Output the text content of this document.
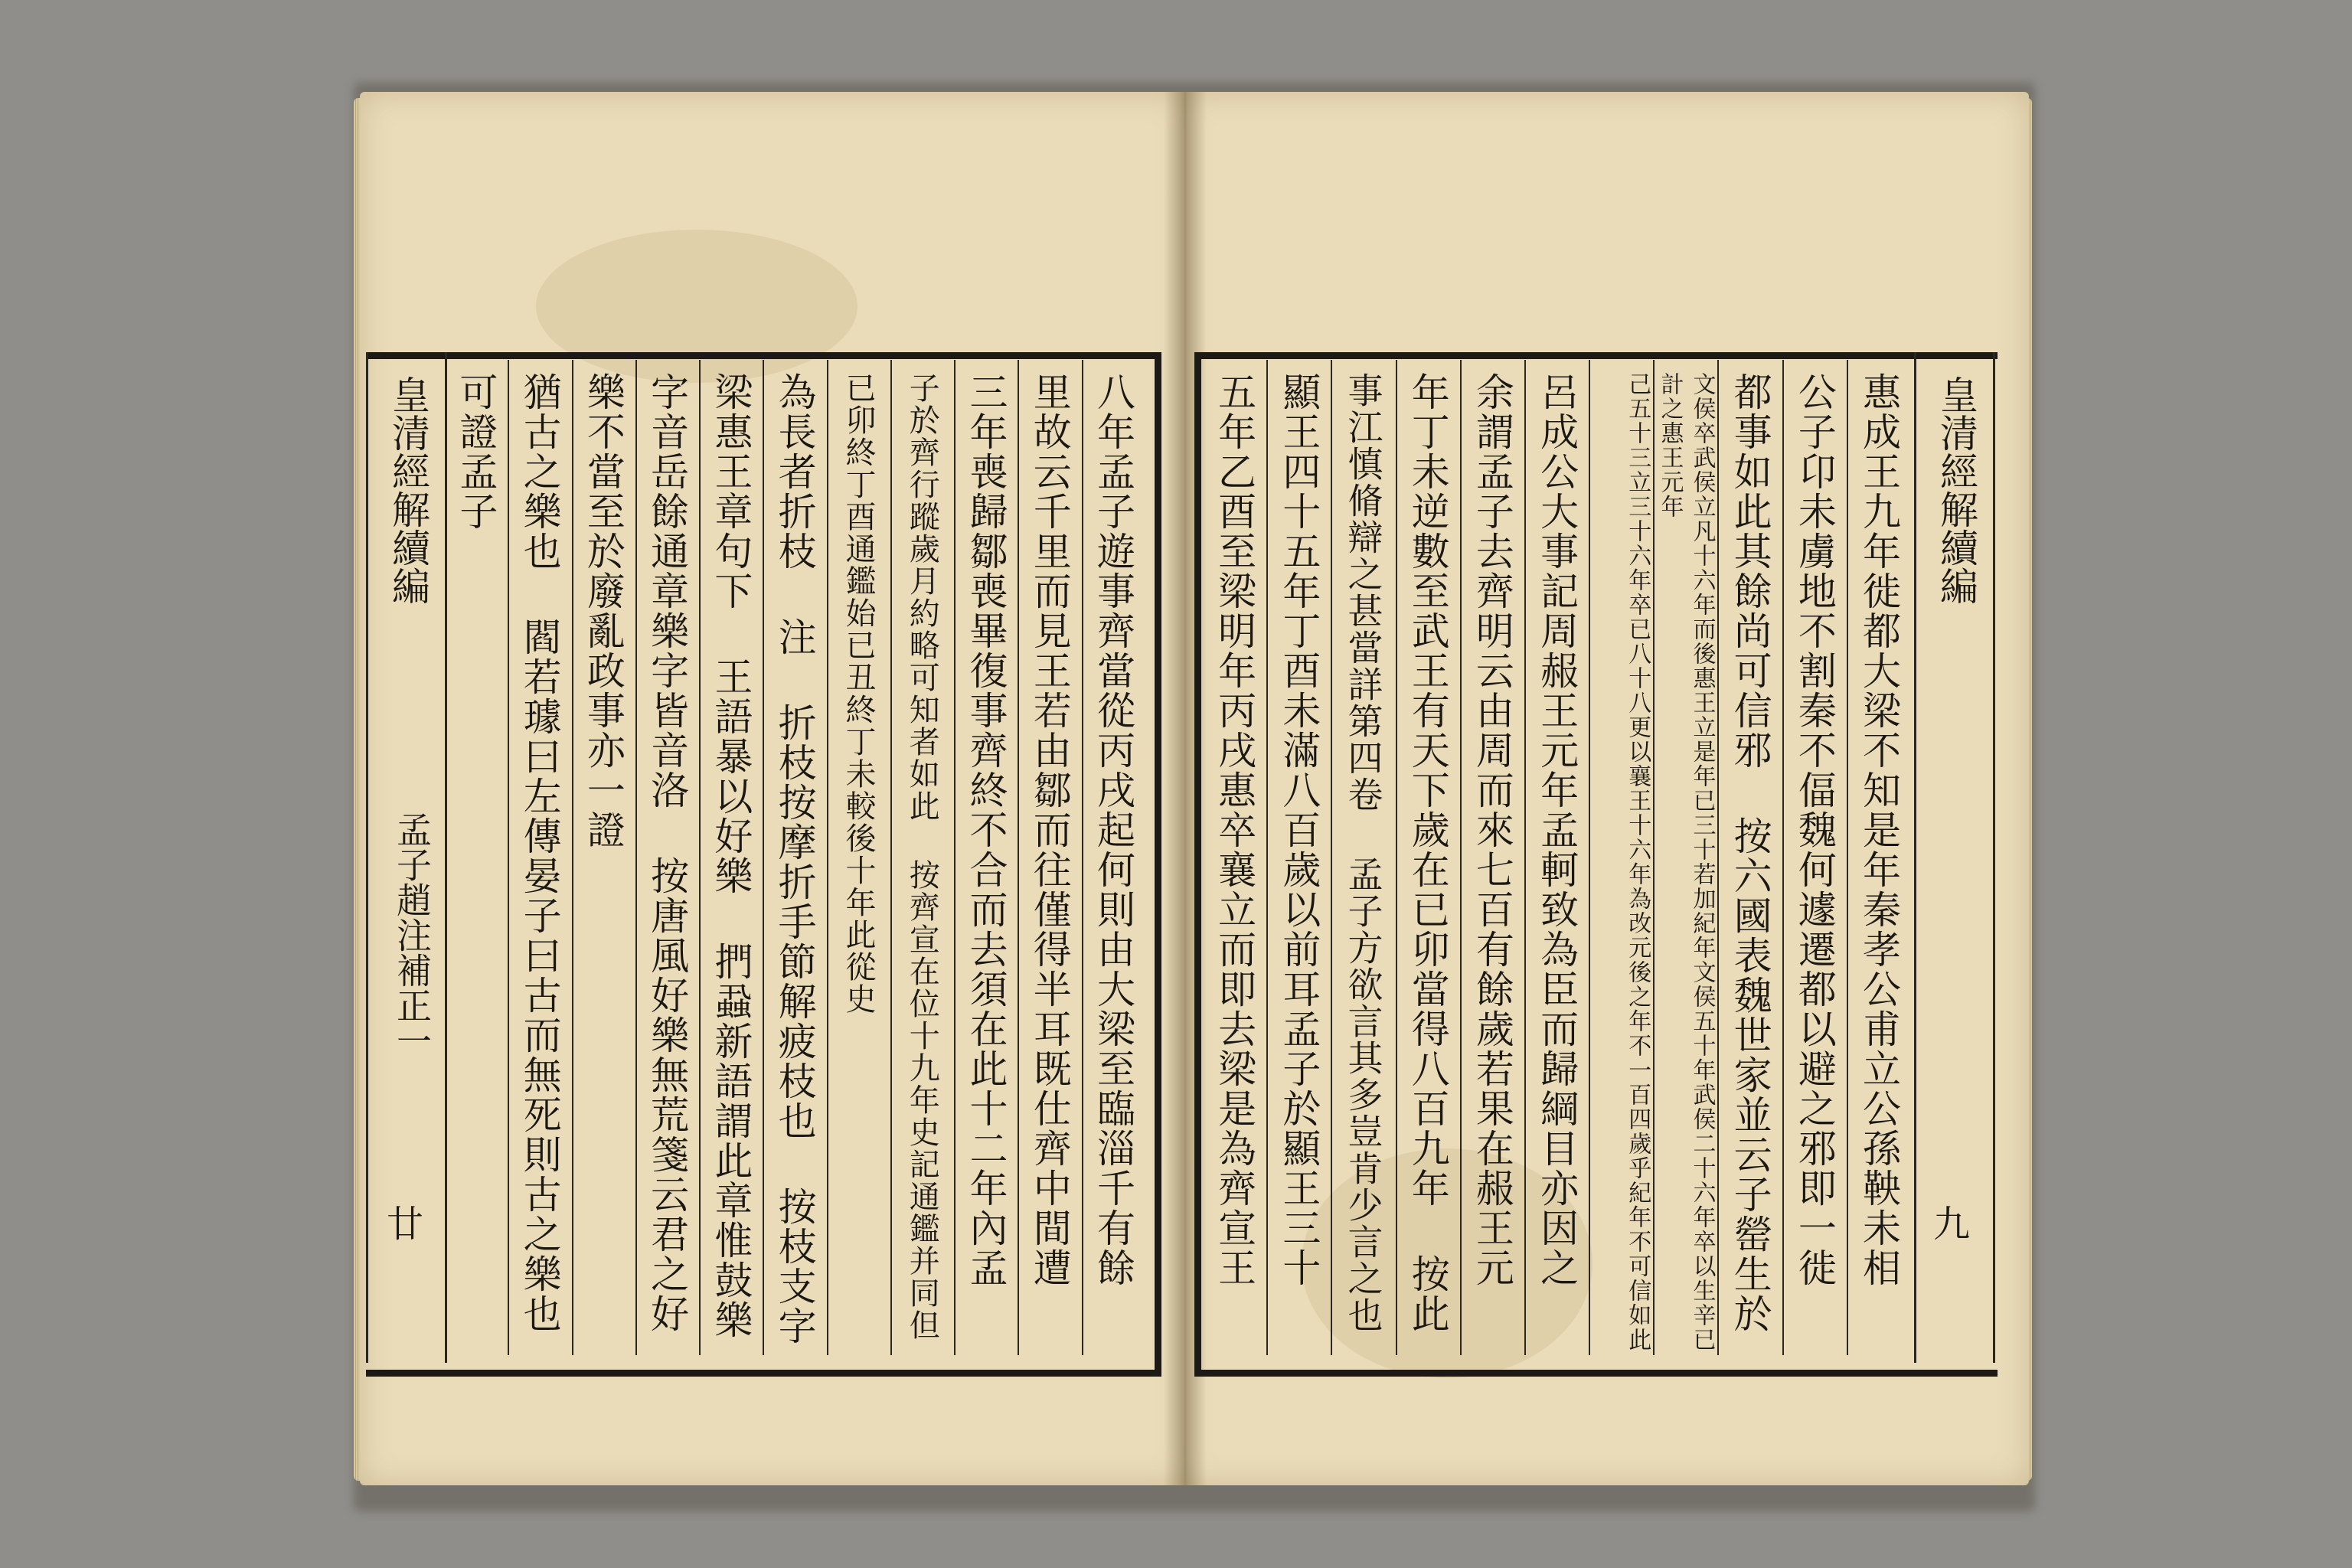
皇清經解續編
孟子趙注補正一
廿	八年孟子遊事齊當從丙戌起何則由大梁至臨淄千有餘
里故云千里而見王若由鄒而往僅得半耳既仕齊中間遭
三年喪歸鄒喪畢復事齊終不合而去須在此十二年內孟
子於齊行蹤歲月約略可知者如此 按齊宣在位十九年史記通鑑并同但
已卯終丁酉通鑑始已丑終丁未較後十年此從史
為長者折枝 注 折枝按摩折手節解疲枝也 按枝支字
梁惠王章句下 王語暴以好樂 捫蝨新語謂此章惟鼓樂
字音岳餘通章樂字皆音洛 按唐風好樂無荒箋云君之好
樂不當至於廢亂政事亦一證
猶古之樂也 閻若璩曰左傳晏子曰古而無死則古之樂也
可證孟子	皇清經解續編
九
惠成王九年徙都大梁不知是年秦孝公甫立公孫鞅未相
公子卬未虜地不割秦不偪魏何遽遷都以避之邪即一徙
都事如此其餘尚可信邪 按六國表魏世家並云子罃生於
文侯卒武侯立凡十六年而後惠王立是年已三十若加紀年文侯五十年武侯二十六年卒以生辛已計之惠王元年
己五十三立三十六年卒已八十八更以襄王十六年為改元後之年不一百四歲乎紀年不可信如此
呂成公大事記周赧王元年孟軻致為臣而歸綱目亦因之
余謂孟子去齊明云由周而來七百有餘歲若果在赧王元
年丁未逆數至武王有天下歲在已卯當得八百九年 按此
事江慎脩辯之甚當詳第四卷 孟子方欲言其多豈肯少言之也
顯王四十五年丁酉未滿八百歲以前耳孟子於顯王三十
五年乙酉至梁明年丙戌惠卒襄立而即去梁是為齊宣王
